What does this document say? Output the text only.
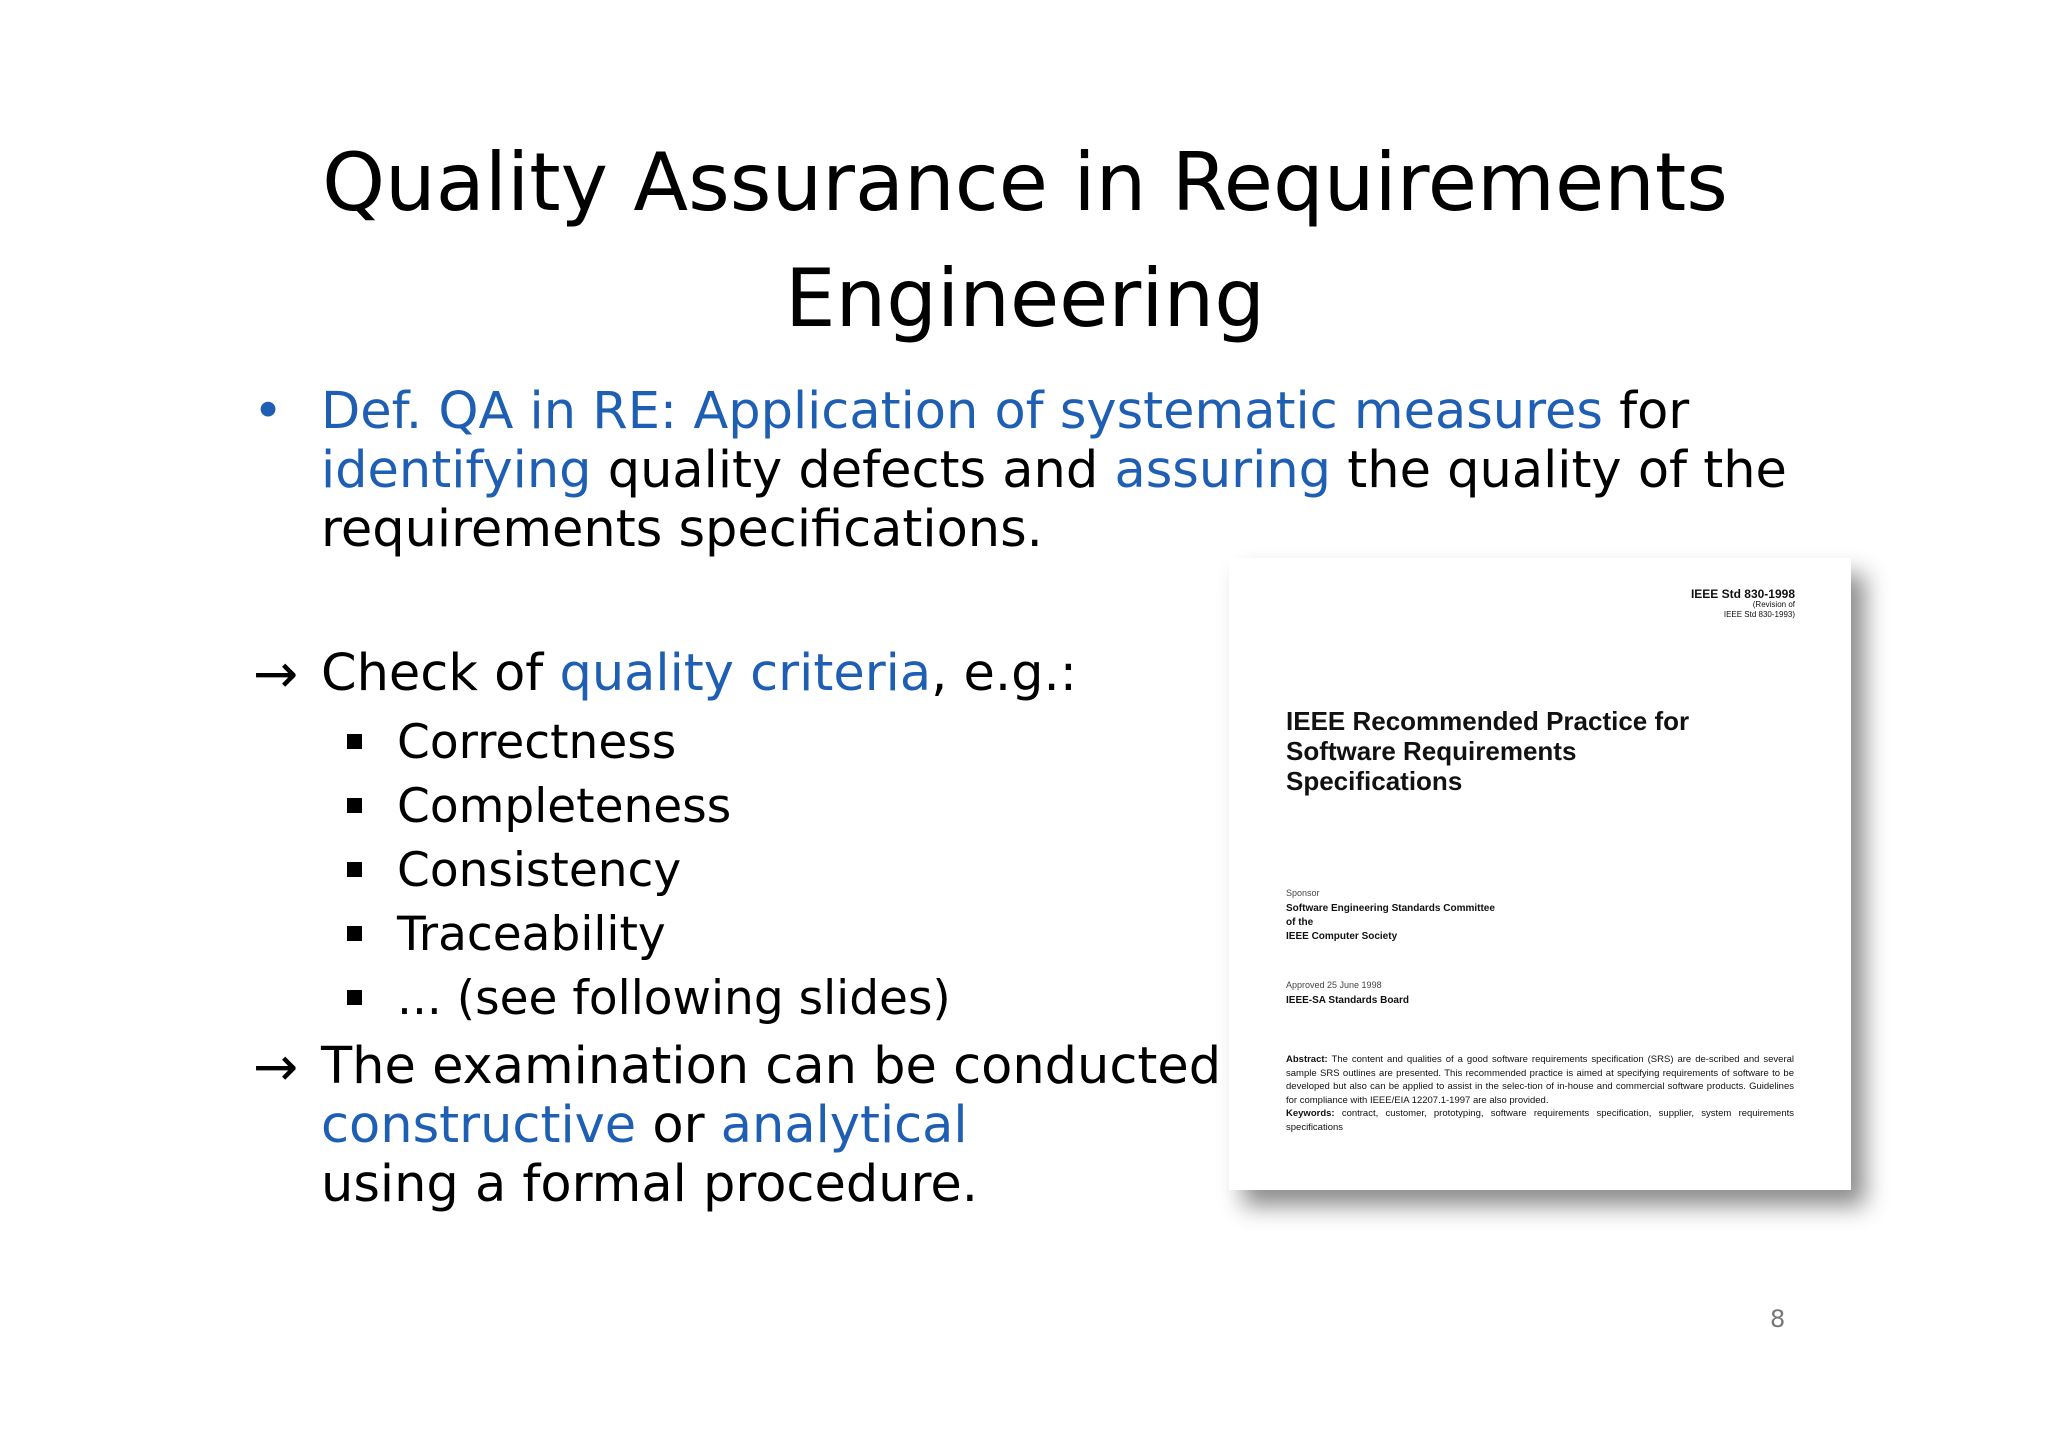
Quality Assurance in Requirements
Engineering
• Def. QA in RE: Application of systematic measures for
identifying quality defects and assuring the quality of the
requirements specifications.
→ Check of quality criteria, e.g.:
Correctness
Completeness
Consistency
Traceability
... (see following slides)
→ The examination can be conducted
constructive or analytical
using a formal procedure.
IEEE Std 830-1998
(Revision of
IEEE Std 830-1993)
IEEE Recommended Practice for
Software Requirements
Specifications
Sponsor
Software Engineering Standards Committee
of the
IEEE Computer Society
Approved 25 June 1998
IEEE-SA Standards Board
Abstract: The content and qualities of a good software requirements specification (SRS) are de-scribed and several sample SRS outlines are presented. This recommended practice is aimed at specifying requirements of software to be developed but also can be applied to assist in the selec-tion of in-house and commercial software products. Guidelines for compliance with IEEE/EIA 12207.1-1997 are also provided.
Keywords: contract, customer, prototyping, software requirements specification, supplier, system requirements specifications
8
